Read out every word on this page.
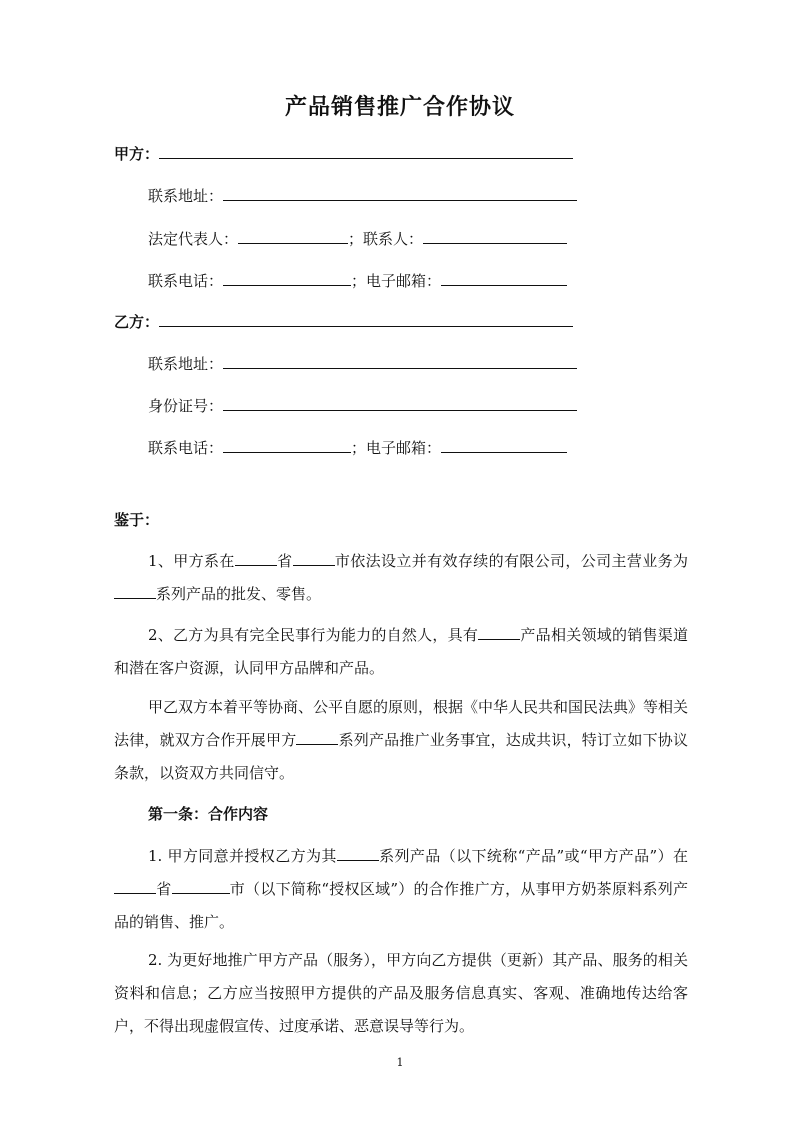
产品销售推广合作协议
甲方：
联系地址：
法定代表人：	；联系人：
联系电话：	；电子邮箱：
乙方：
联系地址：
身份证号：
联系电话：	；电子邮箱：
鉴于：

1、甲方系在	省	市依法设立并有效存续的有限公司，公司主营业务为系列产品的批发、零售。

2、乙方为具有完全民事行为能力的自然人，具有	产品相关领域的销售渠道和潜在客户资源，认同甲方品牌和产品。

甲乙双方本着平等协商、公平自愿的原则，根据《中华人民共和国民法典》等相关法律，就双方合作开展甲方	系列产品推广业务事宜，达成共识，特订立如下协议条款，以资双方共同信守。

第一条：合作内容

1. 甲方同意并授权乙方为其	系列产品（以下统称“产品”或“甲方产品”）在省	市（以下简称“授权区域”）的合作推广方，从事甲方奶茶原料系列产品的销售、推广。

2. 为更好地推广甲方产品（服务），甲方向乙方提供（更新）其产品、服务的相关资料和信息；乙方应当按照甲方提供的产品及服务信息真实、客观、准确地传达给客户，不得出现虚假宣传、过度承诺、恶意误导等行为。

1
